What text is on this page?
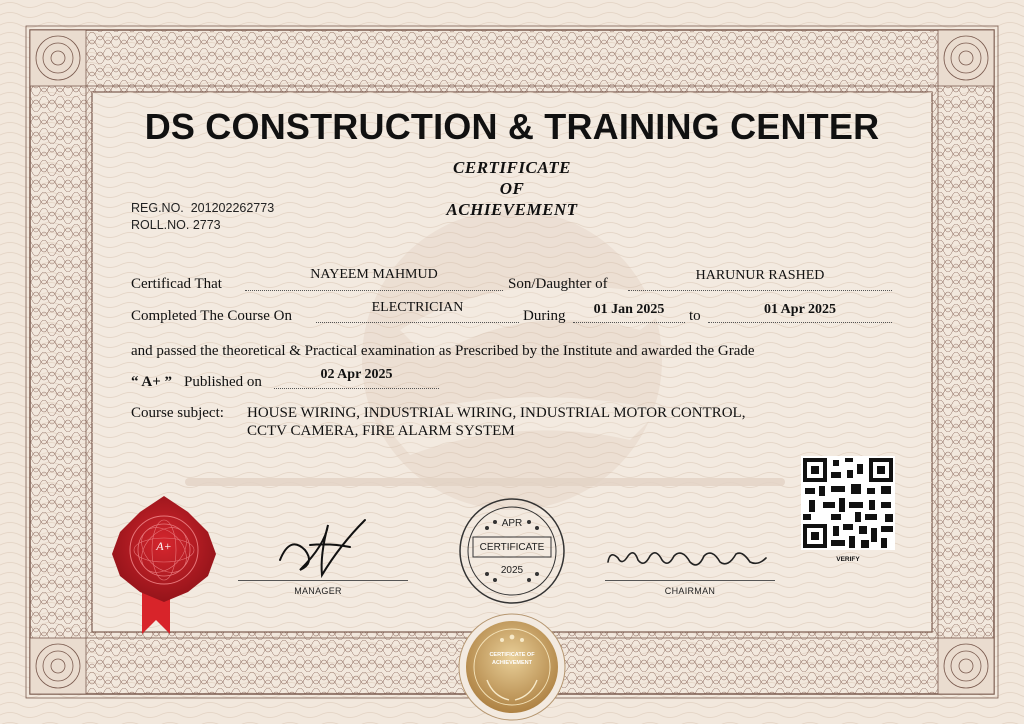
DS CONSTRUCTION & TRAINING CENTER
CERTIFICATE
OF
ACHIEVEMENT
REG.NO.  201202262773
ROLL.NO. 2773
Certificad That
NAYEEM MAHMUD
Son/Daughter of
HARUNUR RASHED
Completed The Course On
ELECTRICIAN
During	01 Jan 2025	to	01 Apr 2025
and passed the theoretical & Practical examination as Prescribed by the Institute and awarded the Grade
“ A+ ” Published on	02 Apr 2025
Course subject: HOUSE WIRING, INDUSTRIAL WIRING, INDUSTRIAL MOTOR CONTROL,
CCTV CAMERA, FIRE ALARM SYSTEM
A+
MANAGER
APR
CERTIFICATE
2025
CHAIRMAN
VERIFY
CERTIFICATE OF
ACHIEVEMENT
